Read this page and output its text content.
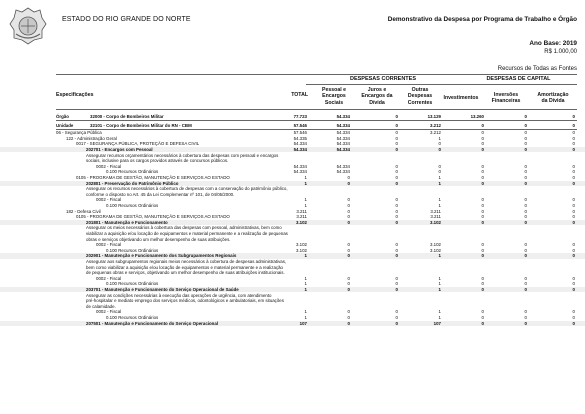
ESTADO DO RIO GRANDE DO NORTE	Demonstrativo da Despesa por Programa de Trabalho e Órgão
Ano Base: 2019
R$ 1.000,00
Recursos de Todas as Fontes
DESPESAS CORRENTES	DESPESAS DE CAPITAL
Especificações	TOTAL
Pessoal e
Encargos
Sociais
Juros e
Encargos da
Dívida
Outras
Despesas
Correntes
Investimentos	Inversões
Financeiras
Amortização
da Dívida
Órgão	32000 - Corpo de Bombeiros Militar	77.723	54.334	0	13.129	13.260	0	0
Unidade	32101 - Corpo de Bombeiros Militar do RN - CBM	57.546	54.334	0	3.212	0	0	0
06 - Segurança Pública	57.546	54.334	0	3.212	0	0	0
122 - Administração Geral	54.335	54.334	0	1	0	0	0
0017 - SEGURANÇA PÚBLICA, PROTEÇÃO E DEFESA CIVIL	54.334	54.334	0	0	0	0	0
202701 - Encargos com Pessoal	54.334	54.334	0	0	0	0	0
Assegurar recursos orçamentários necessários à cobertura das despesas com pessoal e encargos
sociais, inclusive para os cargos providos através de concursos públicos.
0002 - Fiscal	54.334	54.334	0	0	0	0	0
0.100 Recursos Ordinários	54.334	54.334	0	0	0	0	0
0105 - PROGRAMA DE GESTÃO, MANUTENÇÃO E SERVIÇOS AO ESTADO	1	0	0	1	0	0	0
202801 - Preservação do Patrimônio Público	1	0	0	1	0	0	0
Assegurar os recursos necessários à cobertura de despesas com a conservação do patrimônio público,
conforme o disposto no Art. 45 da Lei Complementar nº 101, de 04/05/2000.
0002 - Fiscal	1	0	0	1	0	0	0
0.100 Recursos Ordinários	1	0	0	1	0	0	0
182 - Defesa Civil	3.211	0	0	3.211	0	0	0
0105 - PROGRAMA DE GESTÃO, MANUTENÇÃO E SERVIÇOS AO ESTADO	3.211	0	0	3.211	0	0	0
201801 - Manutenção e Funcionamento	3.102	0	0	3.102	0	0	0
Assegurar os meios necessários à cobertura das despesas com pessoal, administrativas, bem como
viabilizar a aquisição e/ou locação de equipamentos e material permanente e a realização de pequenas
obras e serviços objetivando um melhor desempenho de suas atribuições.
0002 - Fiscal	3.102	0	0	3.102	0	0	0
0.100 Recursos Ordinários	3.102	0	0	3.102	0	0	0
202901 - Manutenção e Funcionamento dos Subgrupamentos Regionais	1	0	0	1	0	0	0
Assegurar aos subgrupamentos regionais meios necessários à cobertura de despesas administrativas,
bem como viabilizar a aquisição e/ou locação de equipamentos e material permanente e a realização
de pequenas obras e serviços, objetivando um melhor desempenho de suas atribuições institucionais.
0002 - Fiscal	1	0	0	1	0	0	0
0.100 Recursos Ordinários	1	0	0	1	0	0	0
203701 - Manutenção e Funcionamento do Serviço Operacional de Saúde	1	0	0	1	0	0	0
Assegurar as condições necessárias à execução das operações de urgência, com atendimento
pré-hospitalar e mediato emprego dos serviços médicos, odontológicos e ambulatoriais, em situações
de calamidade.
0002 - Fiscal	1	0	0	1	0	0	0
0.100 Recursos Ordinários	1	0	0	1	0	0	0
207501 - Manutenção e Funcionamento do Serviço Operacional	107	0	0	107	0	0	0
